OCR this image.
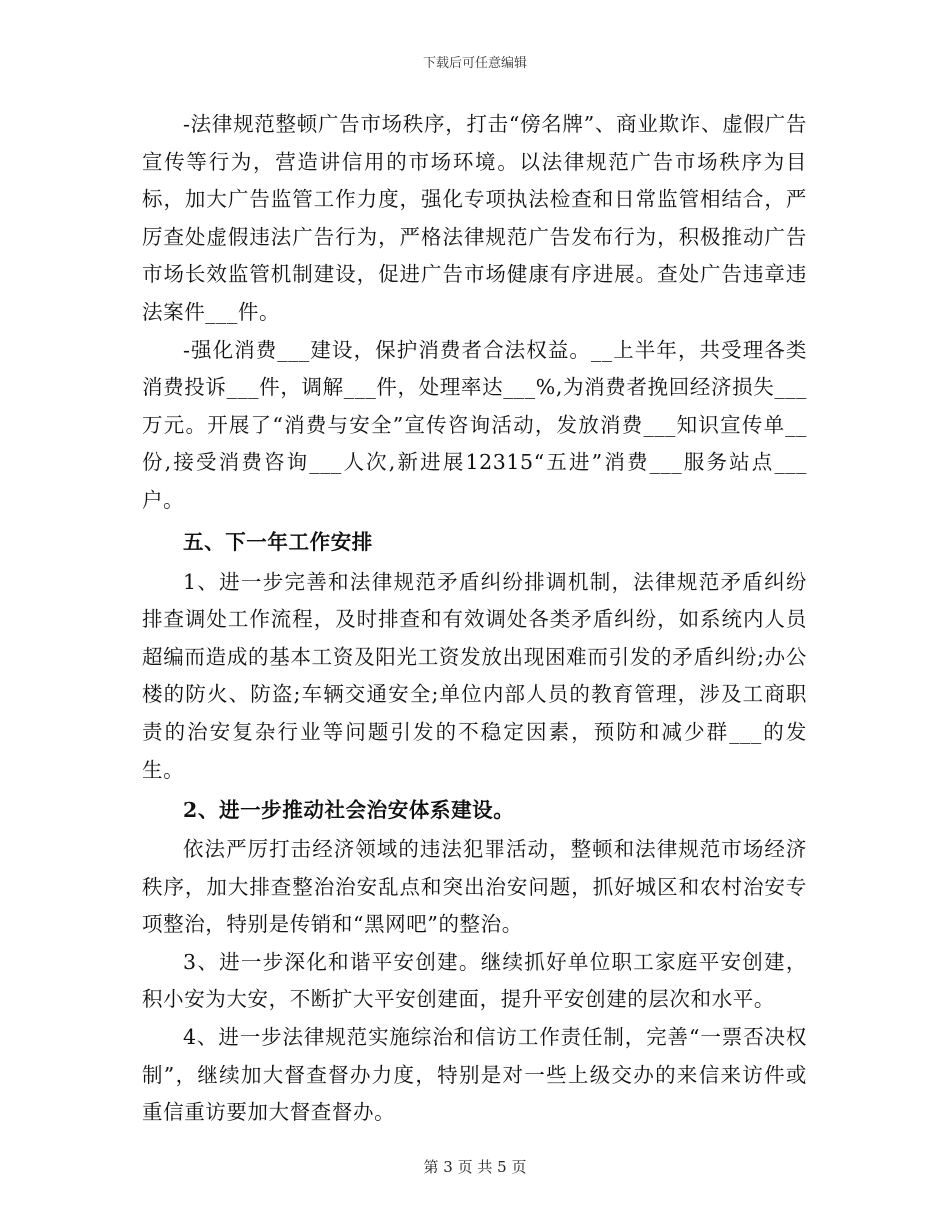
下载后可任意编辑

-法律规范整顿广告市场秩序，打击“傍名牌”、商业欺诈、虚假广告宣传等行为，营造讲信用的市场环境。以法律规范广告市场秩序为目标，加大广告监管工作力度，强化专项执法检查和日常监管相结合，严厉查处虚假违法广告行为，严格法律规范广告发布行为，积极推动广告市场长效监管机制建设，促进广告市场健康有序进展。查处广告违章违法案件___件。

-强化消费___建设，保护消费者合法权益。__上半年，共受理各类消费投诉___件，调解___件，处理率达___%,为消费者挽回经济损失___万元。开展了“消费与安全”宣传咨询活动，发放消费___知识宣传单__份,接受消费咨询___人次,新进展12315“五进”消费___服务站点___户。

五、下一年工作安排

1、进一步完善和法律规范矛盾纠纷排调机制，法律规范矛盾纠纷排查调处工作流程，及时排查和有效调处各类矛盾纠纷，如系统内人员超编而造成的基本工资及阳光工资发放出现困难而引发的矛盾纠纷;办公楼的防火、防盗;车辆交通安全;单位内部人员的教育管理，涉及工商职责的治安复杂行业等问题引发的不稳定因素，预防和减少群___的发生。

2、进一步推动社会治安体系建设。

依法严厉打击经济领域的违法犯罪活动，整顿和法律规范市场经济秩序，加大排查整治治安乱点和突出治安问题，抓好城区和农村治安专项整治，特别是传销和“黑网吧”的整治。

3、进一步深化和谐平安创建。继续抓好单位职工家庭平安创建，积小安为大安，不断扩大平安创建面，提升平安创建的层次和水平。

4、进一步法律规范实施综治和信访工作责任制，完善“一票否决权制”，继续加大督查督办力度，特别是对一些上级交办的来信来访件或重信重访要加大督查督办。

第 3 页 共 5 页
